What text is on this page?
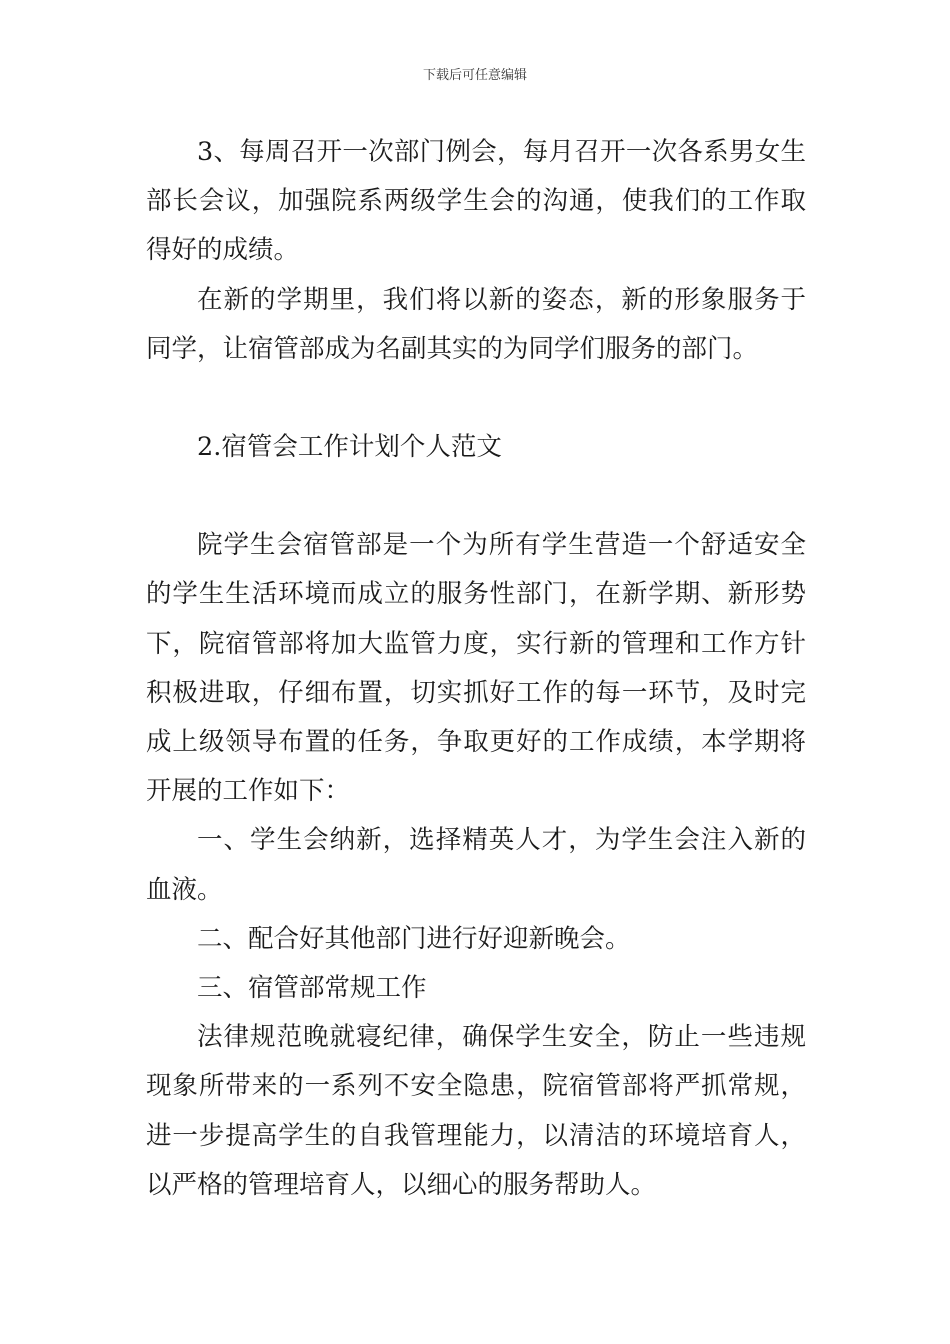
下载后可任意编辑

3、每周召开一次部门例会，每月召开一次各系男女生部长会议，加强院系两级学生会的沟通，使我们的工作取得好的成绩。

在新的学期里，我们将以新的姿态，新的形象服务于同学，让宿管部成为名副其实的为同学们服务的部门。

2.宿管会工作计划个人范文

院学生会宿管部是一个为所有学生营造一个舒适安全的学生生活环境而成立的服务性部门，在新学期、新形势下，院宿管部将加大监管力度，实行新的管理和工作方针积极进取，仔细布置，切实抓好工作的每一环节，及时完成上级领导布置的任务，争取更好的工作成绩，本学期将开展的工作如下：

一、学生会纳新，选择精英人才，为学生会注入新的血液。

二、配合好其他部门进行好迎新晚会。

三、宿管部常规工作

法律规范晚就寝纪律，确保学生安全，防止一些违规现象所带来的一系列不安全隐患，院宿管部将严抓常规，进一步提高学生的自我管理能力，以清洁的环境培育人，以严格的管理培育人，以细心的服务帮助人。
